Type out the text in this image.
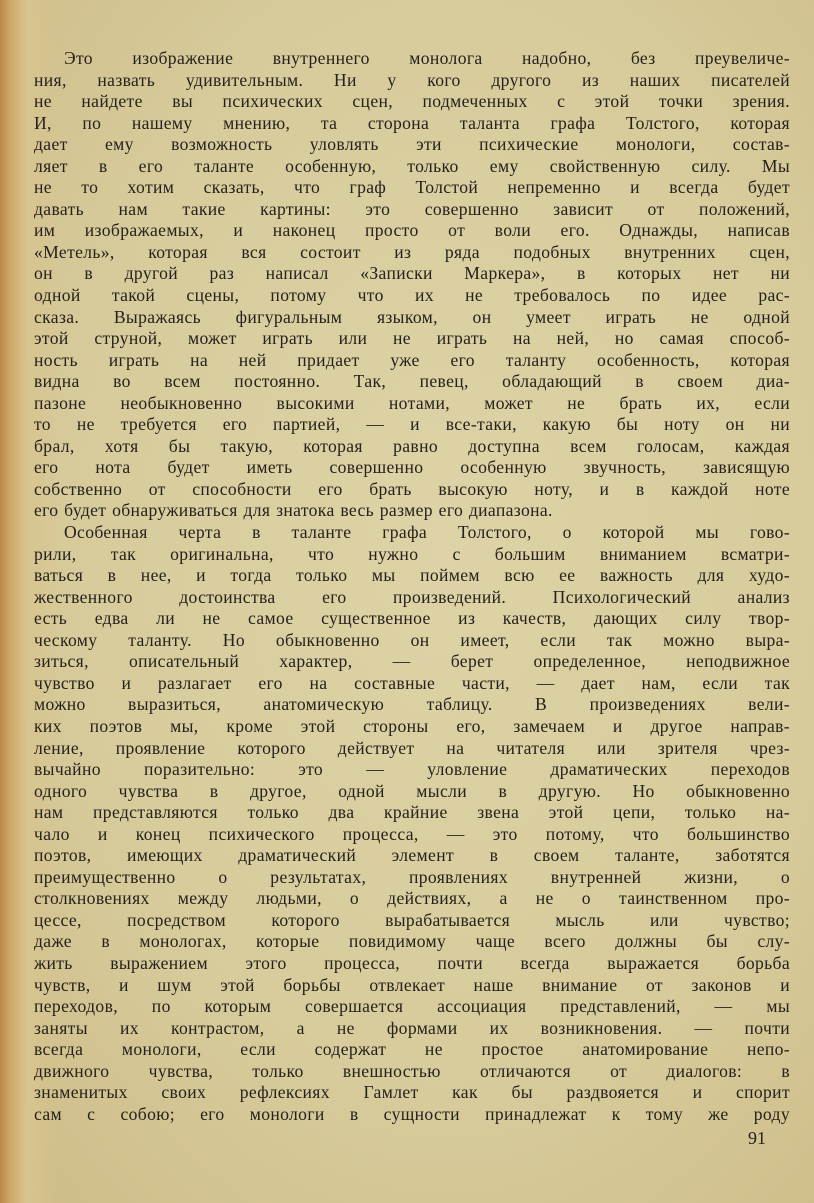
Это изображение внутреннего монолога надобно, без преувеличе-
ния, назвать удивительным. Ни у кого другого из наших писателей
не найдете вы психических сцен, подмеченных с этой точки зрения.
И, по нашему мнению, та сторона таланта графа Толстого, которая
дает ему возможность уловлять эти психические монологи, состав-
ляет в его таланте особенную, только ему свойственную силу. Мы
не то хотим сказать, что граф Толстой непременно и всегда будет
давать нам такие картины: это совершенно зависит от положений,
им изображаемых, и наконец просто от воли его. Однажды, написав
«Метель», которая вся состоит из ряда подобных внутренних сцен,
он в другой раз написал «Записки Маркера», в которых нет ни
одной такой сцены, потому что их не требовалось по идее рас-
сказа. Выражаясь фигуральным языком, он умеет играть не одной
этой струной, может играть или не играть на ней, но самая способ-
ность играть на ней придает уже его таланту особенность, которая
видна во всем постоянно. Так, певец, обладающий в своем диа-
пазоне необыкновенно высокими нотами, может не брать их, если
то не требуется его партией, — и все-таки, какую бы ноту он ни
брал, хотя бы такую, которая равно доступна всем голосам, каждая
его нота будет иметь совершенно особенную звучность, зависящую
собственно от способности его брать высокую ноту, и в каждой ноте
его будет обнаруживаться для знатока весь размер его диапазона.
Особенная черта в таланте графа Толстого, о которой мы гово-
рили, так оригинальна, что нужно с большим вниманием всматри-
ваться в нее, и тогда только мы поймем всю ее важность для худо-
жественного достоинства его произведений. Психологический анализ
есть едва ли не самое существенное из качеств, дающих силу твор-
ческому таланту. Но обыкновенно он имеет, если так можно выра-
зиться, описательный характер, — берет определенное, неподвижное
чувство и разлагает его на составные части, — дает нам, если так
можно выразиться, анатомическую таблицу. В произведениях вели-
ких поэтов мы, кроме этой стороны его, замечаем и другое направ-
ление, проявление которого действует на читателя или зрителя чрез-
вычайно поразительно: это — уловление драматических переходов
одного чувства в другое, одной мысли в другую. Но обыкновенно
нам представляются только два крайние звена этой цепи, только на-
чало и конец психического процесса, — это потому, что большинство
поэтов, имеющих драматический элемент в своем таланте, заботятся
преимущественно о результатах, проявлениях внутренней жизни, о
столкновениях между людьми, о действиях, а не о таинственном про-
цессе, посредством которого вырабатывается мысль или чувство;
даже в монологах, которые повидимому чаще всего должны бы слу-
жить выражением этого процесса, почти всегда выражается борьба
чувств, и шум этой борьбы отвлекает наше внимание от законов и
переходов, по которым совершается ассоциация представлений, — мы
заняты их контрастом, а не формами их возникновения. — почти
всегда монологи, если содержат не простое анатомирование непо-
движного чувства, только внешностью отличаются от диалогов: в
знаменитых своих рефлексиях Гамлет как бы раздвояется и спорит
сам с собою; его монологи в сущности принадлежат к тому же роду
91
